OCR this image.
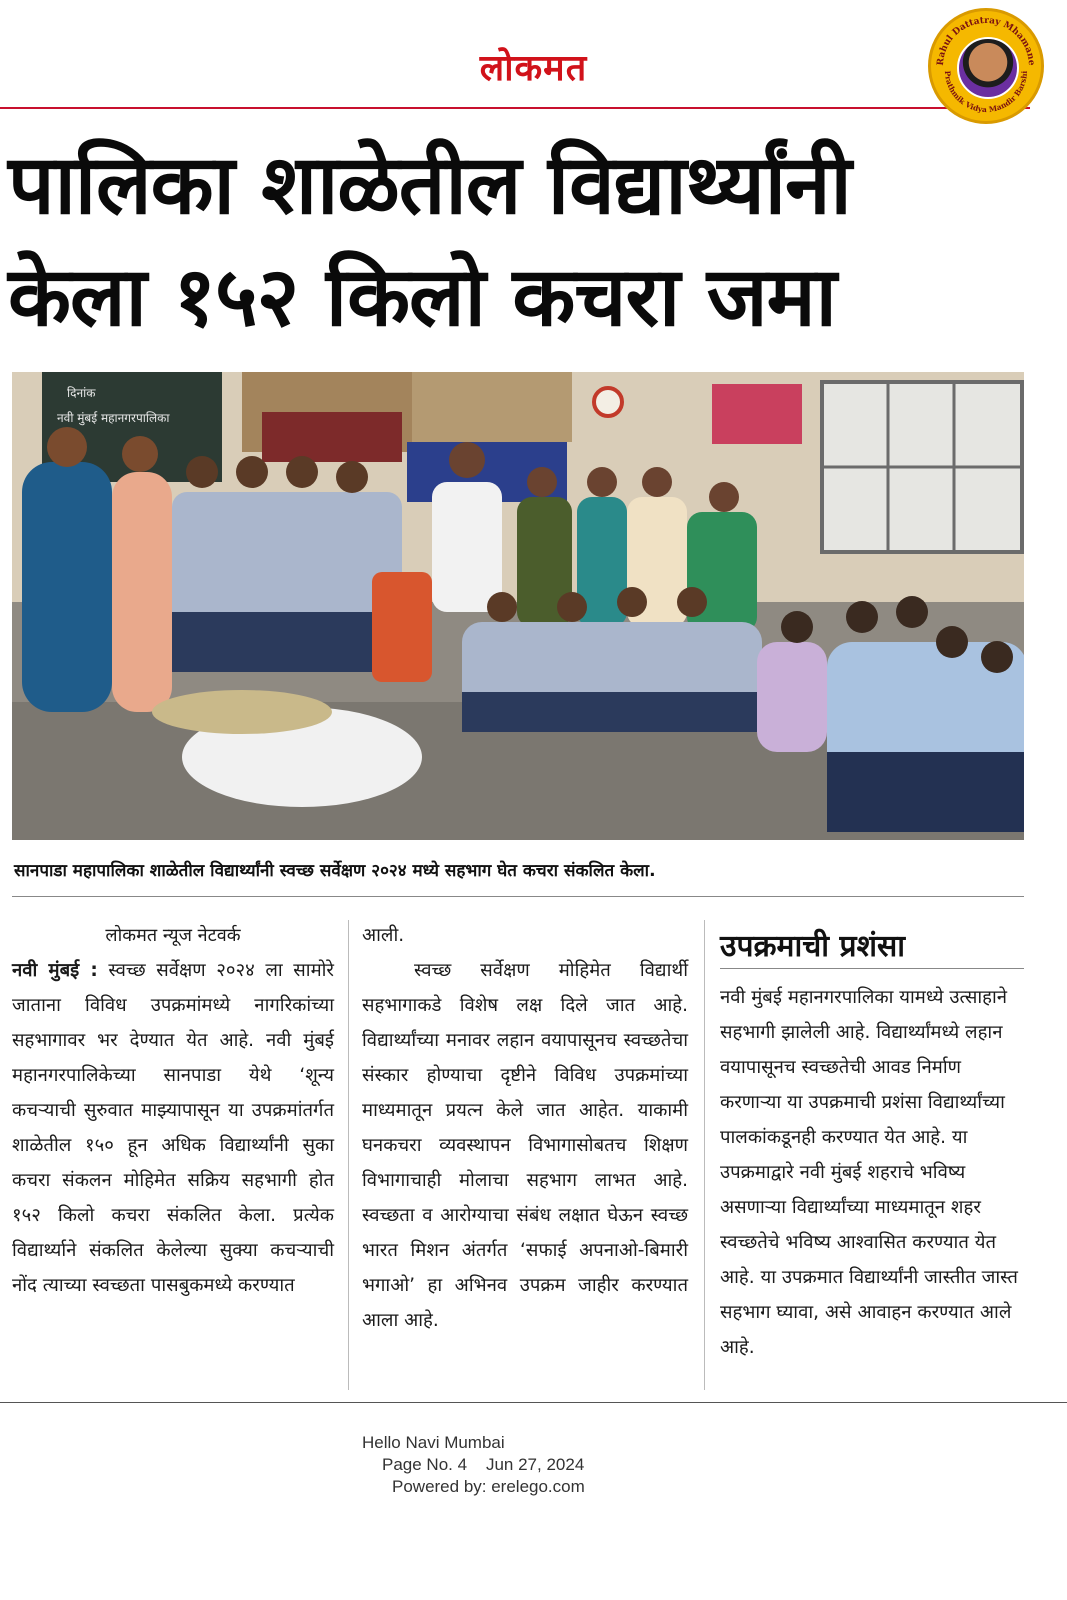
लोकमत	Rahul Dattatray Mhamane
Prathmik Vidya Mandir Barshi
पालिका शाळेतील विद्यार्थ्यांनी
केला १५२ किलो कचरा जमा
दिनांक
नवी मुंबई महानगरपालिका
सानपाडा महापालिका शाळेतील विद्यार्थ्यांनी स्वच्छ सर्वेक्षण २०२४ मध्ये सहभाग घेत कचरा संकलित केला.

लोकमत न्यूज नेटवर्क

नवी मुंबई : स्वच्छ सर्वेक्षण २०२४ ला सामोरे जाताना विविध उपक्रमांमध्ये नागरिकांच्या सहभागावर भर देण्यात येत आहे. नवी मुंबई महानगरपालिकेच्या सानपाडा येथे ‘शून्य कचऱ्याची सुरुवात माझ्यापासून या उपक्रमांतर्गत शाळेतील १५० हून अधिक विद्यार्थ्यांनी सुका कचरा संकलन मोहिमेत सक्रिय सहभागी होत १५२ किलो कचरा संकलित केला. प्रत्येक विद्यार्थ्याने संकलित केलेल्या सुक्या कचऱ्याची नोंद त्याच्या स्वच्छता पासबुकमध्ये करण्यात

आली.

स्वच्छ सर्वेक्षण मोहिमेत विद्यार्थी सहभागाकडे विशेष लक्ष दिले जात आहे. विद्यार्थ्यांच्या मनावर लहान वयापासूनच स्वच्छतेचा संस्कार होण्याचा दृष्टीने विविध उपक्रमांच्या माध्यमातून प्रयत्न केले जात आहेत. याकामी घनकचरा व्यवस्थापन विभागासोबतच शिक्षण विभागाचाही मोलाचा सहभाग लाभत आहे. स्वच्छता व आरोग्याचा संबंध लक्षात घेऊन स्वच्छ भारत मिशन अंतर्गत ‘सफाई अपनाओ-बिमारी भगाओ’ हा अभिनव उपक्रम जाहीर करण्यात आला आहे.

उपक्रमाची प्रशंसा

नवी मुंबई महानगरपालिका यामध्ये उत्साहाने सहभागी झालेली आहे. विद्यार्थ्यांमध्ये लहान वयापासूनच स्वच्छतेची आवड निर्माण करणाऱ्या या उपक्रमाची प्रशंसा विद्यार्थ्यांच्या पालकांकडूनही करण्यात येत आहे. या उपक्रमाद्वारे नवी मुंबई शहराचे भविष्य असणाऱ्या विद्यार्थ्यांच्या माध्यमातून शहर स्वच्छतेचे भविष्य आश्वासित करण्यात येत आहे. या उपक्रमात विद्यार्थ्यांनी जास्तीत जास्त सहभाग घ्यावा, असे आवाहन करण्यात आले आहे.

Hello Navi Mumbai
Page No. 4 Jun 27, 2024
Powered by: erelego.com
